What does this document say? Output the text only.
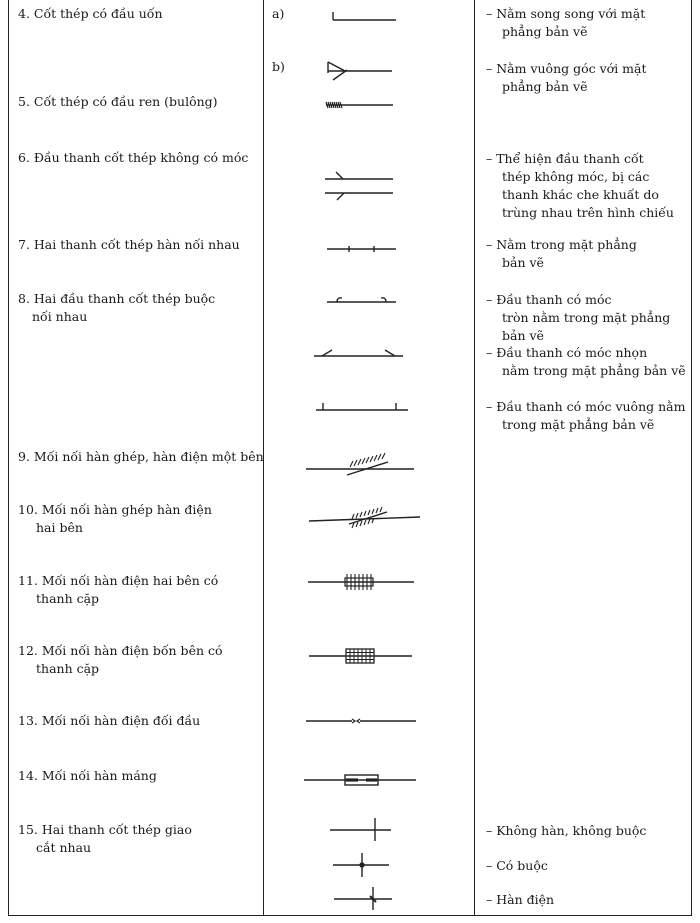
4. Cốt thép có đầu uốn
5. Cốt thép có đầu ren (bulông)
6. Đầu thanh cốt thép không có móc
7. Hai thanh cốt thép hàn nối nhau
8. Hai đầu thanh cốt thép buộc
nối nhau
9. Mối nối hàn ghép, hàn điện một bên
10. Mối nối hàn ghép hàn điện
hai bên
11. Mối nối hàn điện hai bên có
thanh cặp
12. Mối nối hàn điện bốn bên có
thanh cặp
13. Mối nối hàn điện đối đầu
14. Mối nối hàn máng
15. Hai thanh cốt thép giao
cắt nhau
a)
b)
– Nằm song song với mặt
phẳng bản vẽ
– Nằm vuông góc với mặt
phẳng bản vẽ
– Thể hiện đầu thanh cốt
thép không móc, bị các
thanh khác che khuất do
trùng nhau trên hình chiếu
– Nằm trong mặt phẳng
bản vẽ
– Đầu thanh có móc
tròn nằm trong mặt phẳng
bản vẽ
– Đầu thanh có móc nhọn
nằm trong mặt phẳng bản vẽ
– Đầu thanh có móc vuông nằm
trong mặt phẳng bản vẽ
– Không hàn, không buộc
– Có buộc
– Hàn điện
